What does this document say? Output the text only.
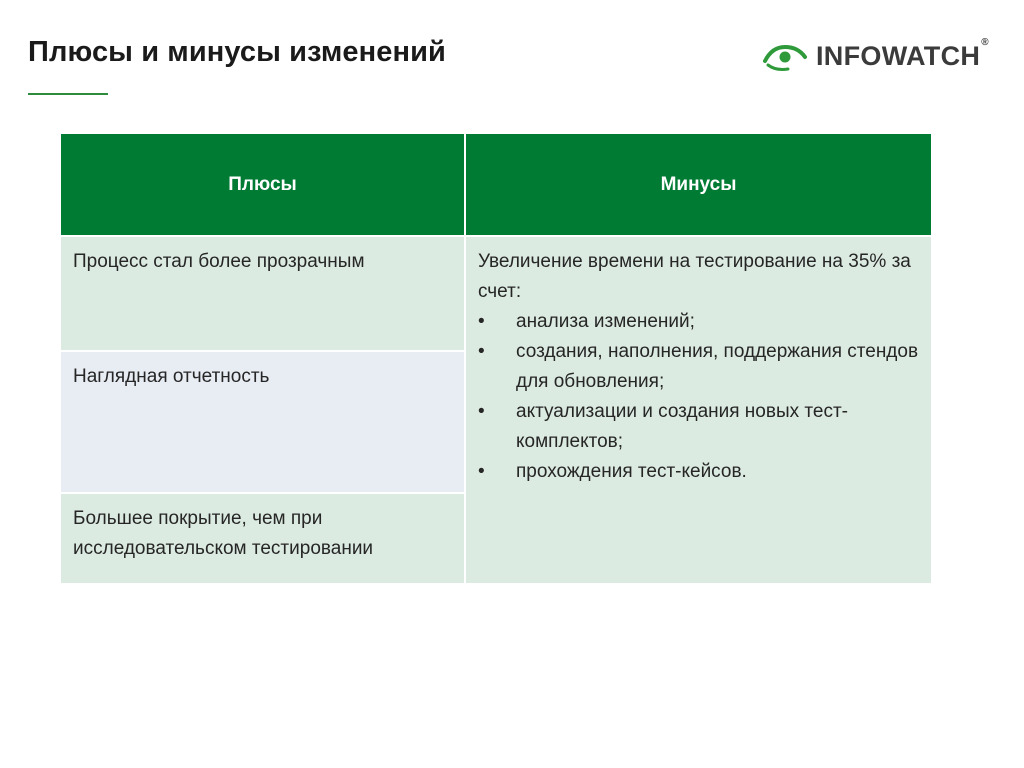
Плюсы и минусы изменений	INFOWATCH®
Плюсы	Минусы
Процесс стал более прозрачным
Наглядная отчетность
Большее покрытие, чем при исследовательском тестировании
Увеличение времени на тестирование на 35% за счет:
• анализа изменений;
• создания, наполнения, поддержания стендов для обновления;
• актуализации и создания новых тест-комплектов;
• прохождения тест-кейсов.
